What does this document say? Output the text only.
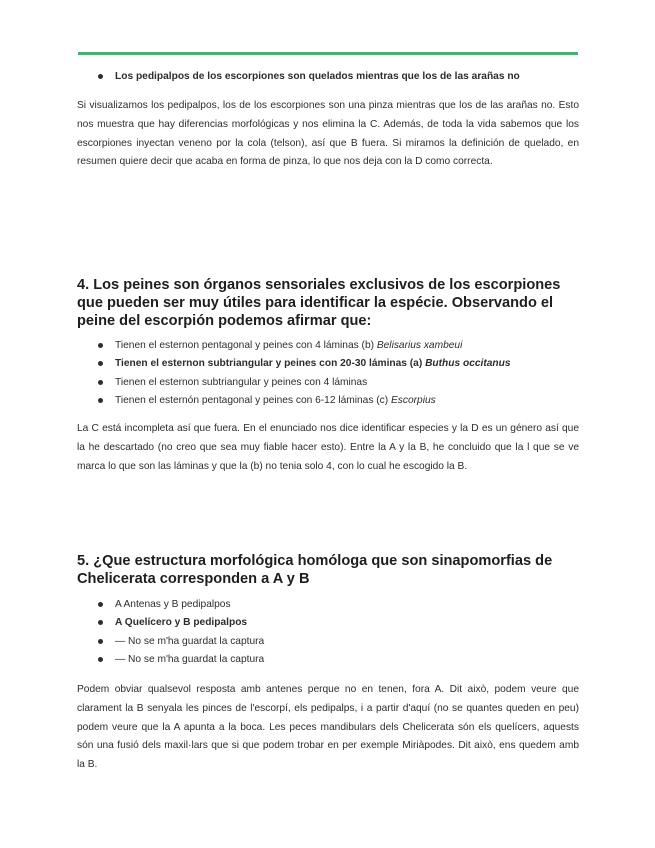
Los pedipalpos de los escorpiones son quelados mientras que los de las arañas no

Si visualizamos los pedipalpos, los de los escorpiones son una pinza mientras que los de las arañas no. Esto nos muestra que hay diferencias morfológicas y nos elimina la C. Además, de toda la vida sabemos que los escorpiones inyectan veneno por la cola (telson), así que B fuera. Si miramos la definición de quelado, en resumen quiere decir que acaba en forma de pinza, lo que nos deja con la D como correcta.

4. Los peines son órganos sensoriales exclusivos de los escorpiones que pueden ser muy útiles para identificar la espécie. Observando el peine del escorpión podemos afirmar que:
Tienen el esternon pentagonal y peines con 4 láminas (b) Belisarius xambeui
Tienen el esternon subtriangular y peines con 20-30 láminas (a) Buthus occitanus
Tienen el esternon subtriangular y peines con 4 láminas
Tienen el esternón pentagonal y peines con 6-12 láminas (c) Escorpius

La C está incompleta así que fuera. En el enunciado nos dice identificar especies y la D es un género así que la he descartado (no creo que sea muy fiable hacer esto). Entre la A y la B, he concluido que la l que se ve marca lo que son las láminas y que la (b) no tenia solo 4, con lo cual he escogido la B.

5. ¿Que estructura morfológica homóloga que son sinapomorfias de Chelicerata corresponden a A y B
A Antenas y B pedipalpos
A Quelícero y B pedipalpos
— No se m'ha guardat la captura
— No se m'ha guardat la captura

Podem obviar qualsevol resposta amb antenes perque no en tenen, fora A. Dit això, podem veure que clarament la B senyala les pinces de l'escorpí, els pedipalps, i a partir d'aquí (no se quantes queden en peu) podem veure que la A apunta a la boca. Les peces mandibulars dels Chelicerata són els quelícers, aquests són una fusió dels maxil·lars que si que podem trobar en per exemple Miriàpodes. Dit això, ens quedem amb la B.
